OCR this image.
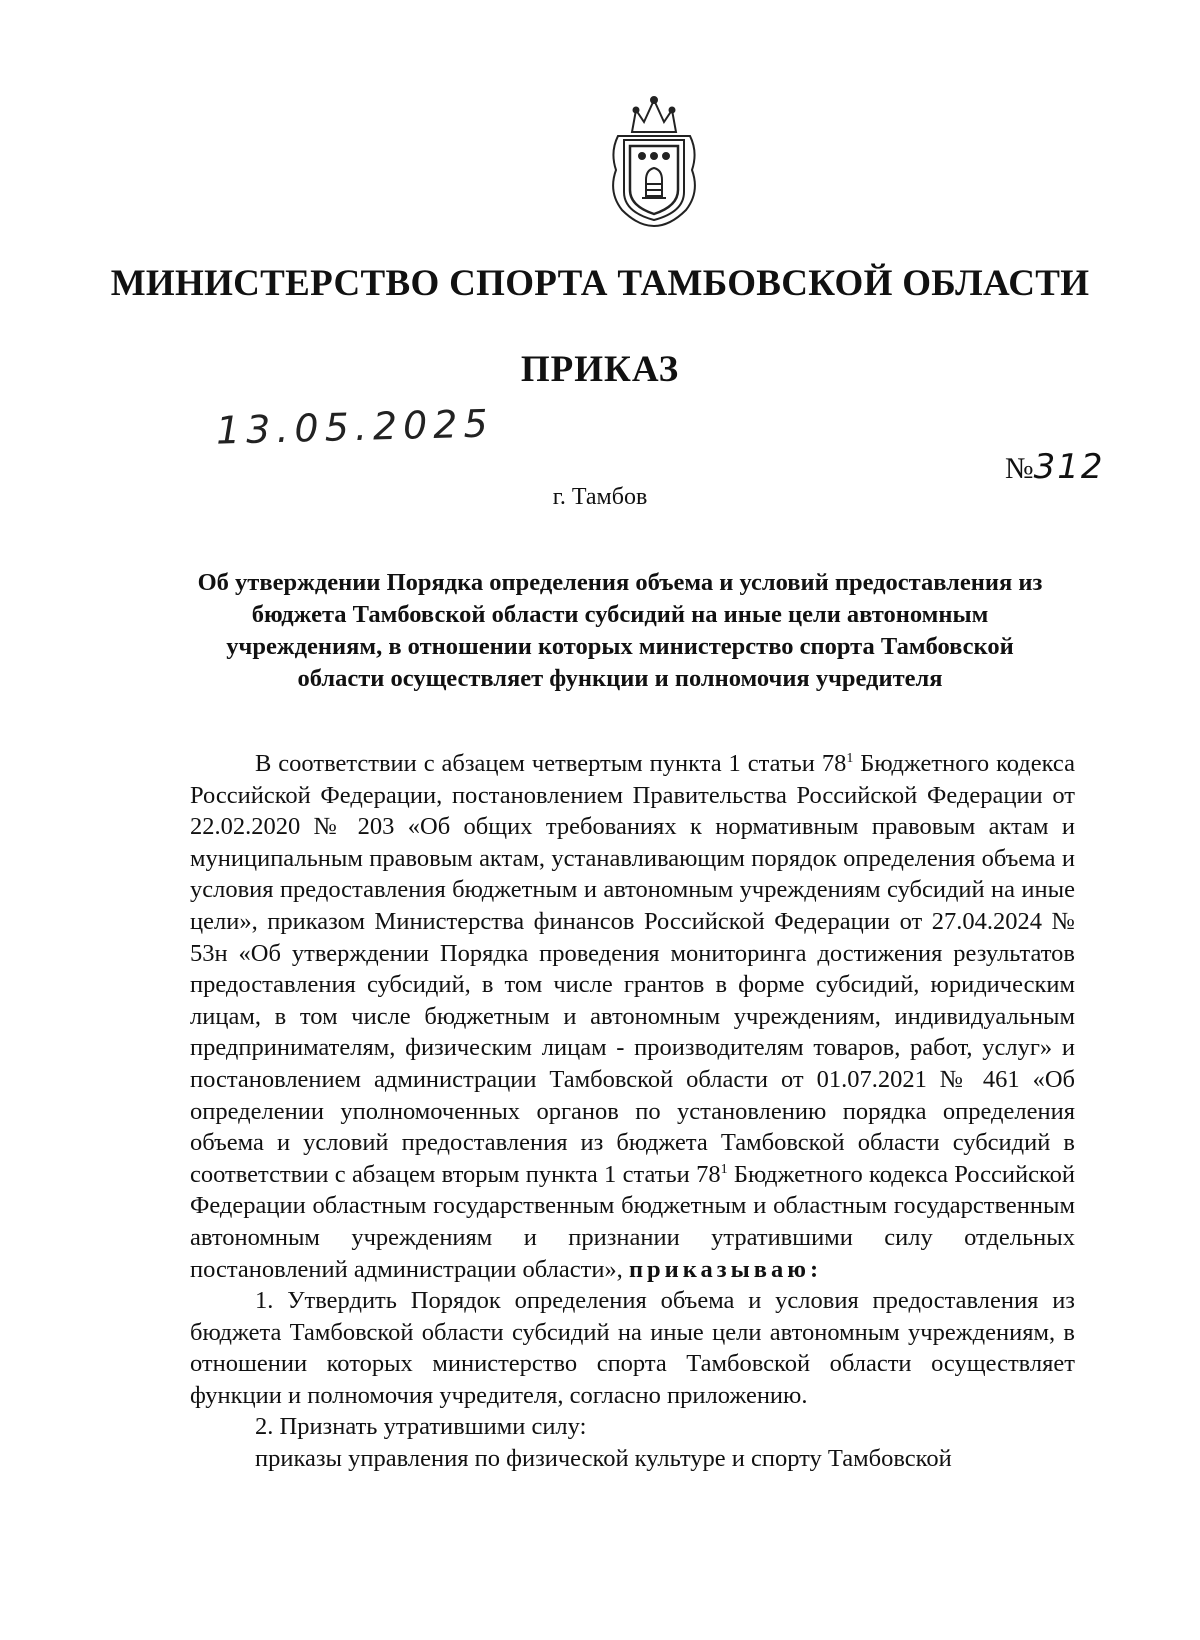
МИНИСТЕРСТВО СПОРТА ТАМБОВСКОЙ ОБЛАСТИ
ПРИКАЗ
13.05.2025
№312
г. Тамбов
Об утверждении Порядка определения объема и условий предоставления из бюджета Тамбовской области субсидий на иные цели автономным учреждениям, в отношении которых министерство спорта Тамбовской области осуществляет функции и полномочия учредителя

В соответствии с абзацем четвертым пункта 1 статьи $78^1$ Бюджетного кодекса Российской Федерации, постановлением Правительства Российской Федерации от 22.02.2020 № 203 «Об общих требованиях к нормативным правовым актам и муниципальным правовым актам, устанавливающим порядок определения объема и условия предоставления бюджетным и автономным учреждениям субсидий на иные цели», приказом Министерства финансов Российской Федерации от 27.04.2024 № 53н «Об утверждении Порядка проведения мониторинга достижения результатов предоставления субсидий, в том числе грантов в форме субсидий, юридическим лицам, в том числе бюджетным и автономным учреждениям, индивидуальным предпринимателям, физическим лицам - производителям товаров, работ, услуг» и постановлением администрации Тамбовской области от 01.07.2021 № 461 «Об определении уполномоченных органов по установлению порядка определения объема и условий предоставления из бюджета Тамбовской области субсидий в соответствии с абзацем вторым пункта 1 статьи $78^1$ Бюджетного кодекса Российской Федерации областным государственным бюджетным и областным государственным автономным учреждениям и признании утратившими силу отдельных постановлений администрации области», приказываю:

1. Утвердить Порядок определения объема и условия предоставления из бюджета Тамбовской области субсидий на иные цели автономным учреждениям, в отношении которых министерство спорта Тамбовской области осуществляет функции и полномочия учредителя, согласно приложению.

2. Признать утратившими силу:

приказы управления по физической культуре и спорту Тамбовской
